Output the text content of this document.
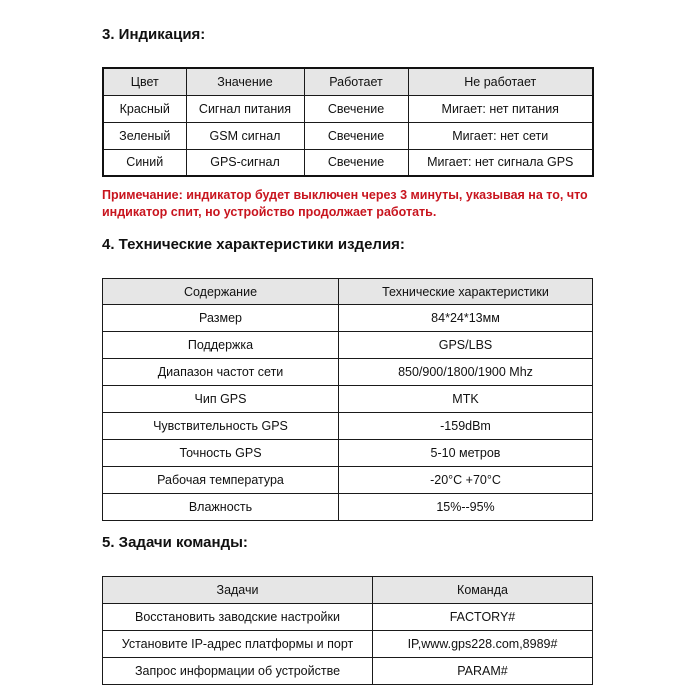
3. Индикация:
Цвет	Значение	Работает	Не работает
Красный	Сигнал питания	Свечение	Мигает: нет питания
Зеленый	GSM сигнал	Свечение	Мигает: нет сети
Синий	GPS-сигнал	Свечение	Мигает: нет сигнала GPS

Примечание: индикатор будет выключен через 3 минуты, указывая на то, что индикатор спит, но устройство продолжает работать.

4. Технические характеристики изделия:
Содержание	Технические характеристики
Размер	84*24*13мм
Поддержка	GPS/LBS
Диапазон частот сети	850/900/1800/1900 Mhz
Чип GPS	MTK
Чувствительность GPS	-159dBm
Точность GPS	5-10 метров
Рабочая температура	-20°C +70°C
Влажность	15%--95%
5. Задачи команды:
Задачи	Команда
Восстановить заводские настройки	FACTORY#
Установите IP-адрес платформы и порт	IP,www.gps228.com,8989#
Запрос информации об устройстве	PARAM#
